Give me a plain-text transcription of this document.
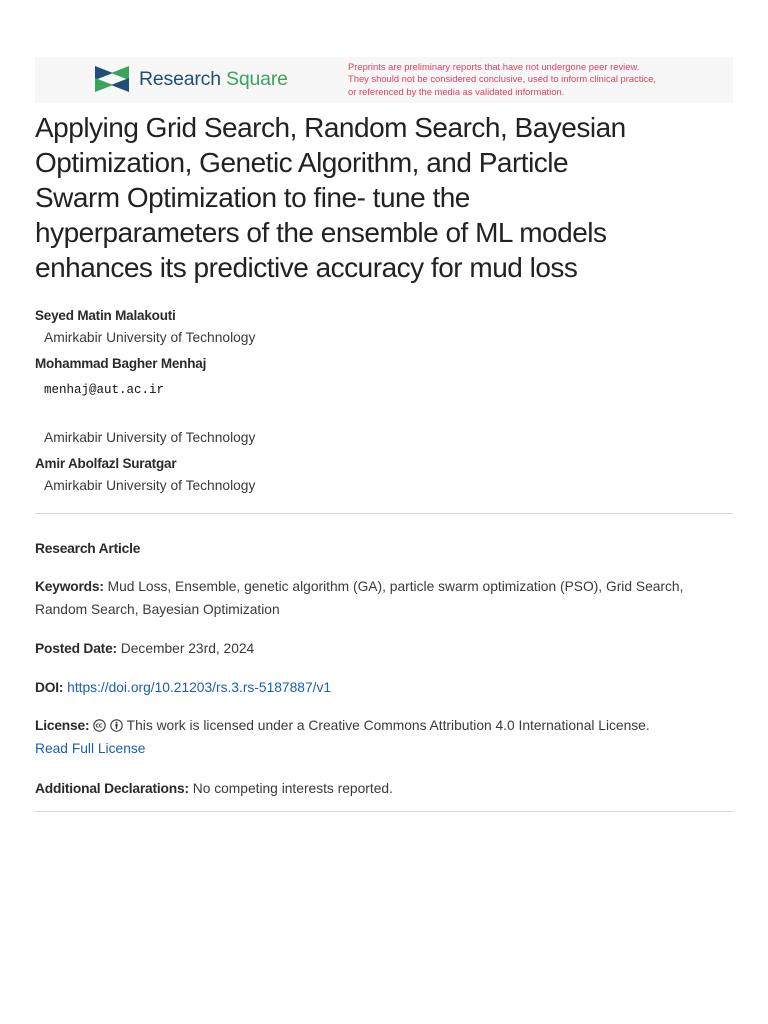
Research Square
Preprints are preliminary reports that have not undergone peer review.
They should not be considered conclusive, used to inform clinical practice,
or referenced by the media as validated information.
Applying Grid Search, Random Search, Bayesian
Optimization, Genetic Algorithm, and Particle
Swarm Optimization to fine- tune the
hyperparameters of the ensemble of ML models
enhances its predictive accuracy for mud loss
Seyed Matin Malakouti
Amirkabir University of Technology
Mohammad Bagher Menhaj
menhaj@aut.ac.ir
Amirkabir University of Technology
Amir Abolfazl Suratgar
Amirkabir University of Technology
Research Article
Keywords: Mud Loss, Ensemble, genetic algorithm (GA), particle swarm optimization (PSO), Grid Search, Random Search, Bayesian Optimization
Posted Date: December 23rd, 2024
DOI: https://doi.org/10.21203/rs.3.rs-5187887/v1
License:	This work is licensed under a Creative Commons Attribution 4.0 International License.
Read Full License
Additional Declarations: No competing interests reported.
